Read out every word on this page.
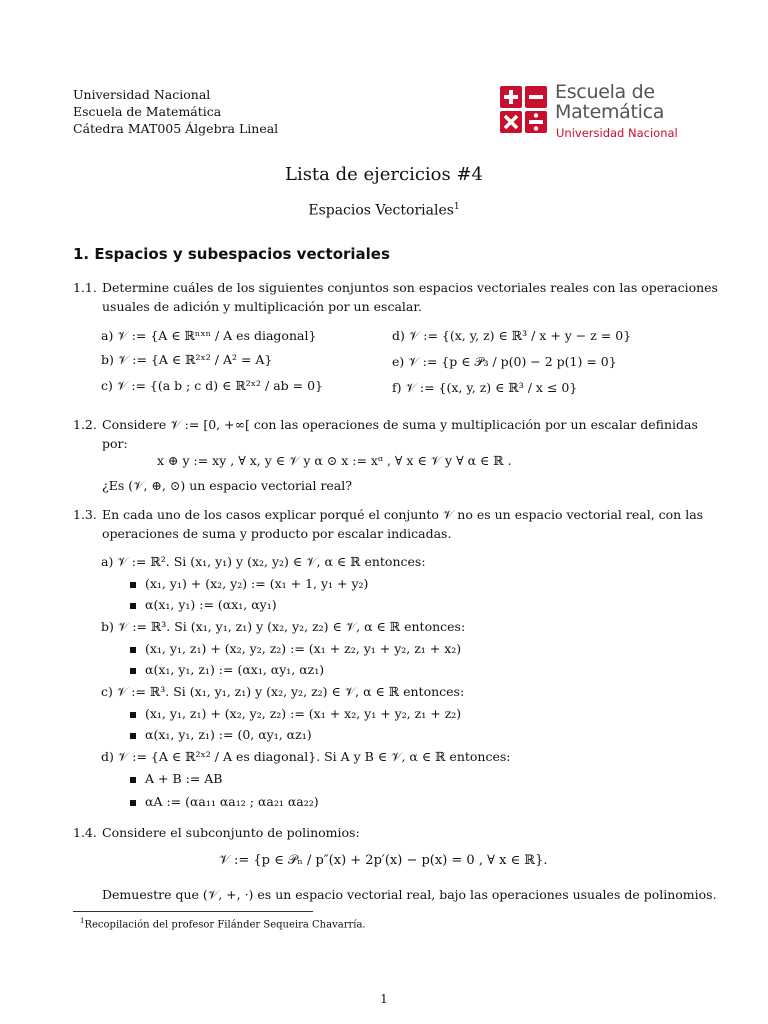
Universidad Nacional
Escuela de Matemática
Cátedra MAT005 Álgebra Lineal
Escuela de Matemática
Universidad Nacional
Lista de ejercicios #4
Espacios Vectoriales$^1$
1. Espacios y subespacios vectoriales
1.1. Determine cuáles de los siguientes conjuntos son espacios vectoriales reales con las operaciones
usuales de adición y multiplicación por un escalar.
a) 𝒱 := {A ∈ ℝⁿˣⁿ / A es diagonal}
b) 𝒱 := {A ∈ ℝ²ˣ² / A² = A}
c) 𝒱 := {(a b ; c d) ∈ ℝ²ˣ² / ab = 0}
d) 𝒱 := {(x, y, z) ∈ ℝ³ / x + y − z = 0}
e) 𝒱 := {p ∈ 𝒫₃ / p(0) − 2 p(1) = 0}
f) 𝒱 := {(x, y, z) ∈ ℝ³ / x ≤ 0}
1.2. Considere 𝒱 := [0, +∞[ con las operaciones de suma y multiplicación por un escalar definidas
por:
x ⊕ y := xy , ∀ x, y ∈ 𝒱 y α ⊙ x := xᵅ , ∀ x ∈ 𝒱 y ∀ α ∈ ℝ .
¿Es (𝒱, ⊕, ⊙) un espacio vectorial real?
1.3. En cada uno de los casos explicar porqué el conjunto 𝒱 no es un espacio vectorial real, con las
operaciones de suma y producto por escalar indicadas.
a) 𝒱 := ℝ². Si (x₁, y₁) y (x₂, y₂) ∈ 𝒱, α ∈ ℝ entonces:
(x₁, y₁) + (x₂, y₂) := (x₁ + 1, y₁ + y₂)
α(x₁, y₁) := (αx₁, αy₁)
b) 𝒱 := ℝ³. Si (x₁, y₁, z₁) y (x₂, y₂, z₂) ∈ 𝒱, α ∈ ℝ entonces:
(x₁, y₁, z₁) + (x₂, y₂, z₂) := (x₁ + z₂, y₁ + y₂, z₁ + x₂)
α(x₁, y₁, z₁) := (αx₁, αy₁, αz₁)
c) 𝒱 := ℝ³. Si (x₁, y₁, z₁) y (x₂, y₂, z₂) ∈ 𝒱, α ∈ ℝ entonces:
(x₁, y₁, z₁) + (x₂, y₂, z₂) := (x₁ + x₂, y₁ + y₂, z₁ + z₂)
α(x₁, y₁, z₁) := (0, αy₁, αz₁)
d) 𝒱 := {A ∈ ℝ²ˣ² / A es diagonal}. Si A y B ∈ 𝒱, α ∈ ℝ entonces:
A + B := AB
αA := (αa₁₁ αa₁₂ ; αa₂₁ αa₂₂)
1.4. Considere el subconjunto de polinomios:
𝒱 := {p ∈ 𝒫ₙ / p″(x) + 2p′(x) − p(x) = 0 , ∀ x ∈ ℝ}.
Demuestre que (𝒱, +, ·) es un espacio vectorial real, bajo las operaciones usuales de polinomios.
$^1$Recopilación del profesor Filánder Sequeira Chavarría.
1
